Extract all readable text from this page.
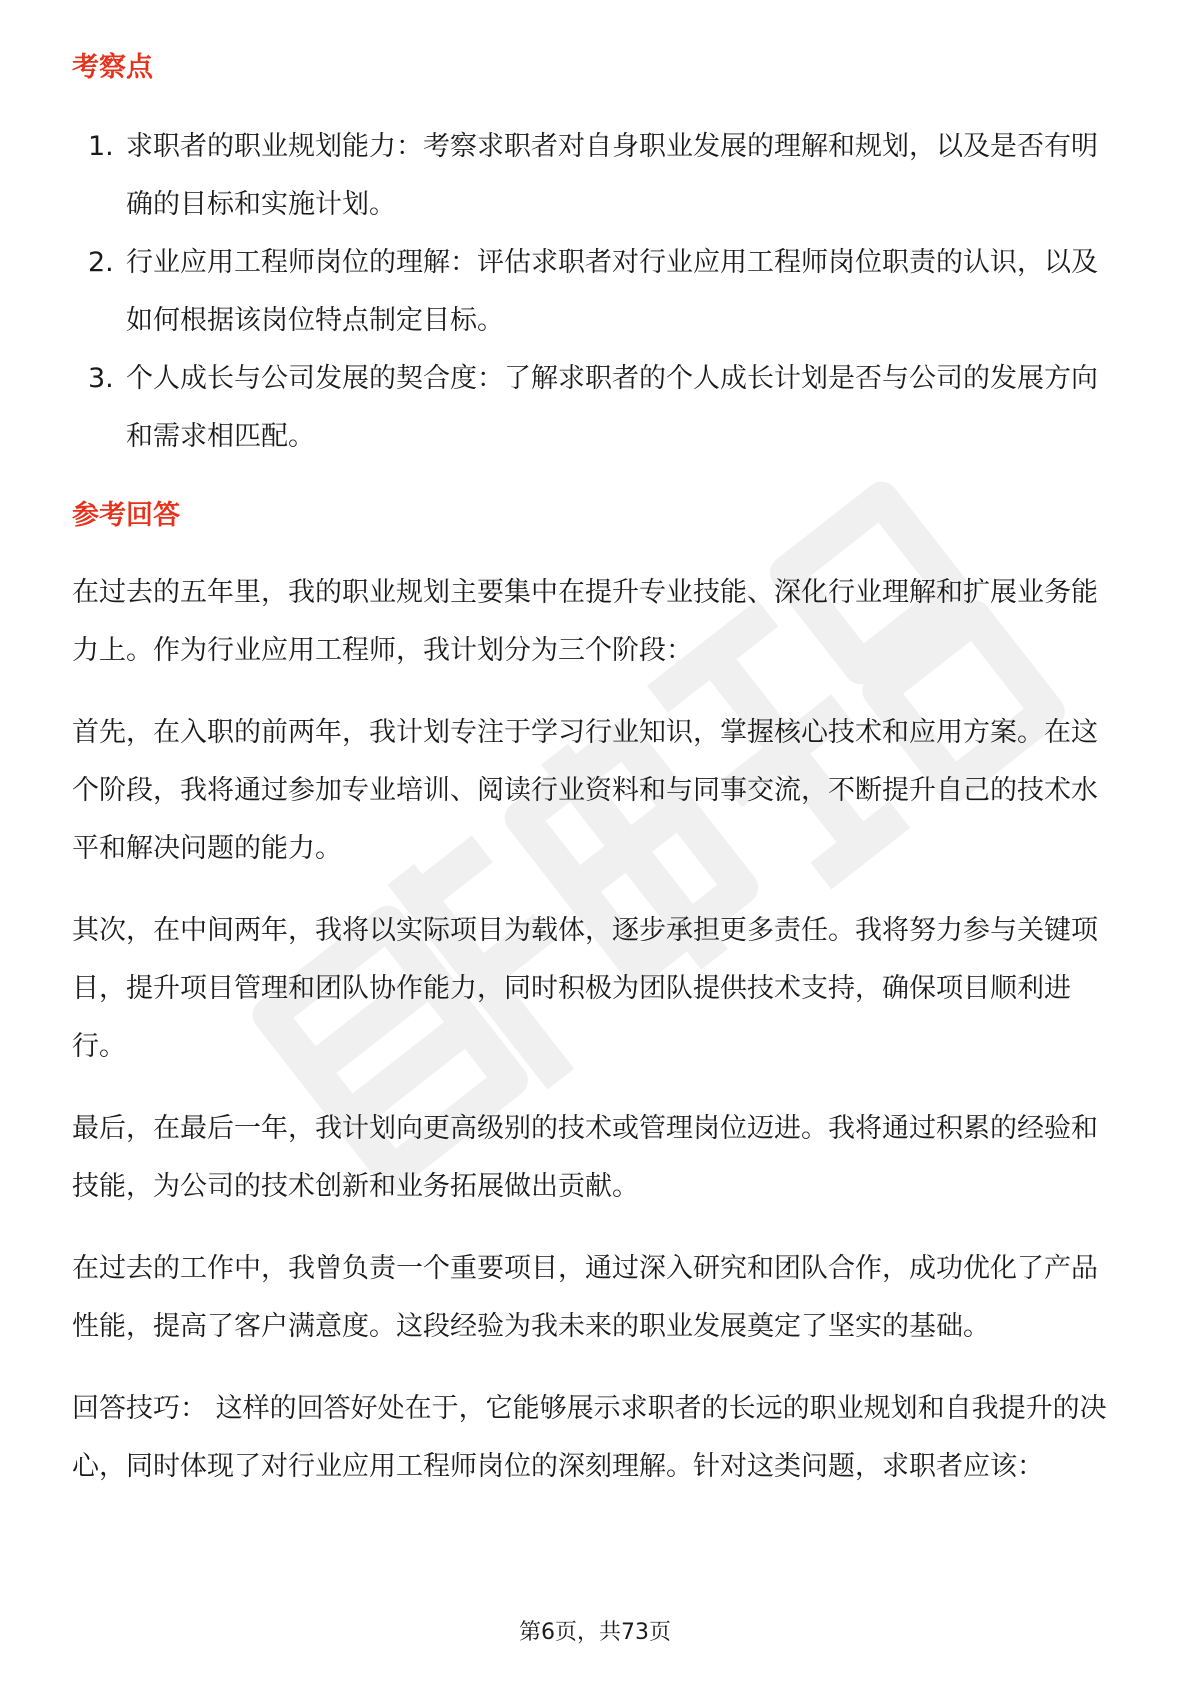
考察点
1. 求职者的职业规划能力：考察求职者对自身职业发展的理解和规划，以及是否有明确的目标和实施计划。
2. 行业应用工程师岗位的理解：评估求职者对行业应用工程师岗位职责的认识，以及如何根据该岗位特点制定目标。
3. 个人成长与公司发展的契合度：了解求职者的个人成长计划是否与公司的发展方向和需求相匹配。
参考回答

在过去的五年里，我的职业规划主要集中在提升专业技能、深化行业理解和扩展业务能力上。作为行业应用工程师，我计划分为三个阶段：

首先，在入职的前两年，我计划专注于学习行业知识，掌握核心技术和应用方案。在这个阶段，我将通过参加专业培训、阅读行业资料和与同事交流，不断提升自己的技术水平和解决问题的能力。

其次，在中间两年，我将以实际项目为载体，逐步承担更多责任。我将努力参与关键项目，提升项目管理和团队协作能力，同时积极为团队提供技术支持，确保项目顺利进行。

最后，在最后一年，我计划向更高级别的技术或管理岗位迈进。我将通过积累的经验和技能，为公司的技术创新和业务拓展做出贡献。

在过去的工作中，我曾负责一个重要项目，通过深入研究和团队合作，成功优化了产品性能，提高了客户满意度。这段经验为我未来的职业发展奠定了坚实的基础。

回答技巧： 这样的回答好处在于，它能够展示求职者的长远的职业规划和自我提升的决心，同时体现了对行业应用工程师岗位的深刻理解。针对这类问题，求职者应该：

第6页，共73页
